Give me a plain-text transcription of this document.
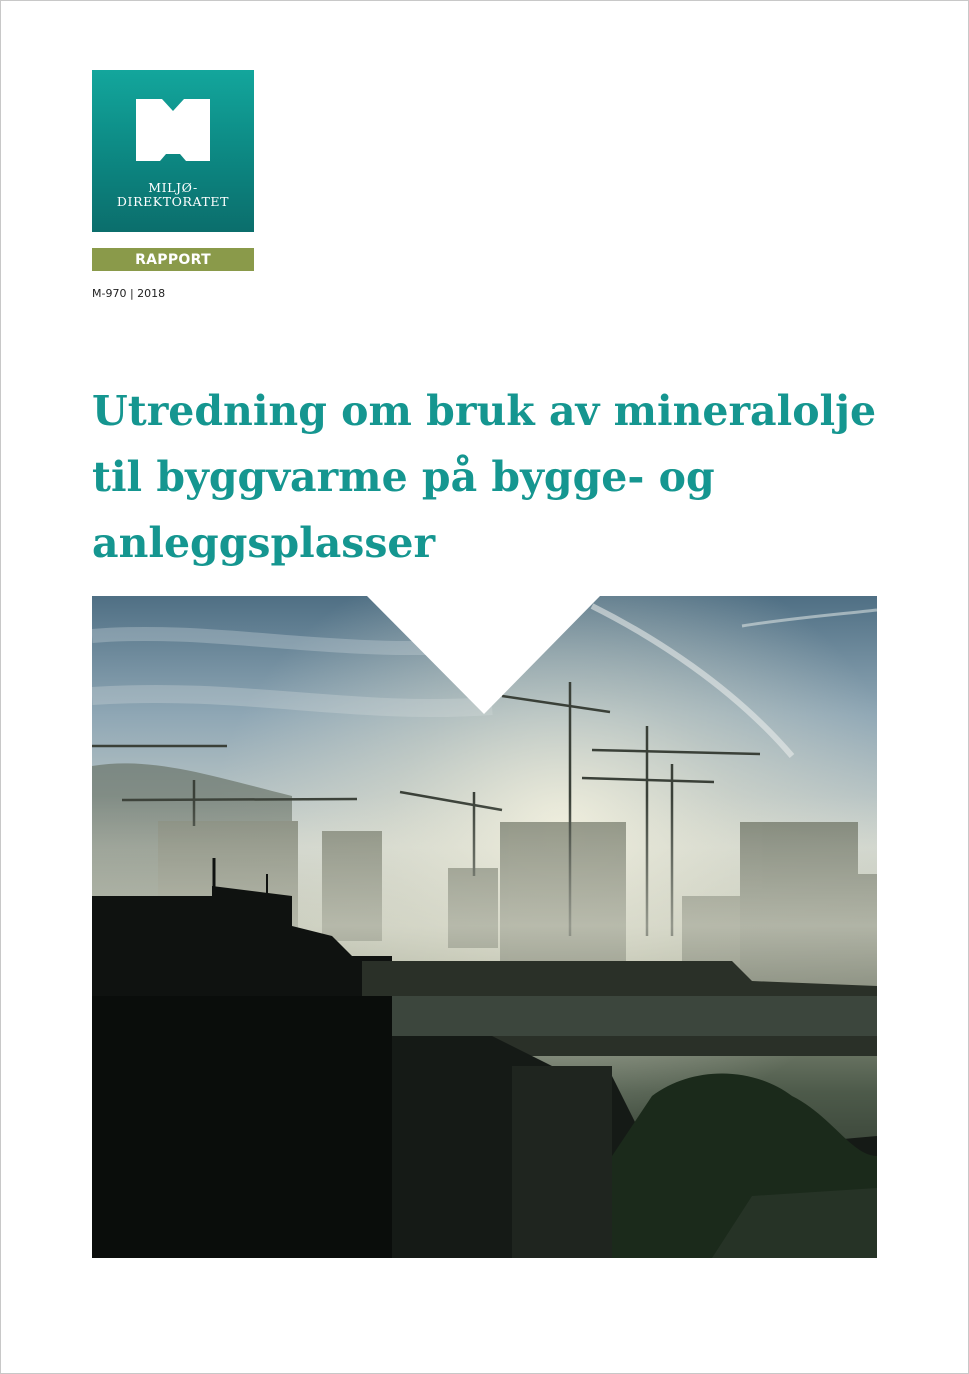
MILJØ-
DIREKTORATET
RAPPORT
M-970 | 2018
Utredning om bruk av mineralolje
til byggvarme på bygge- og
anleggsplasser
